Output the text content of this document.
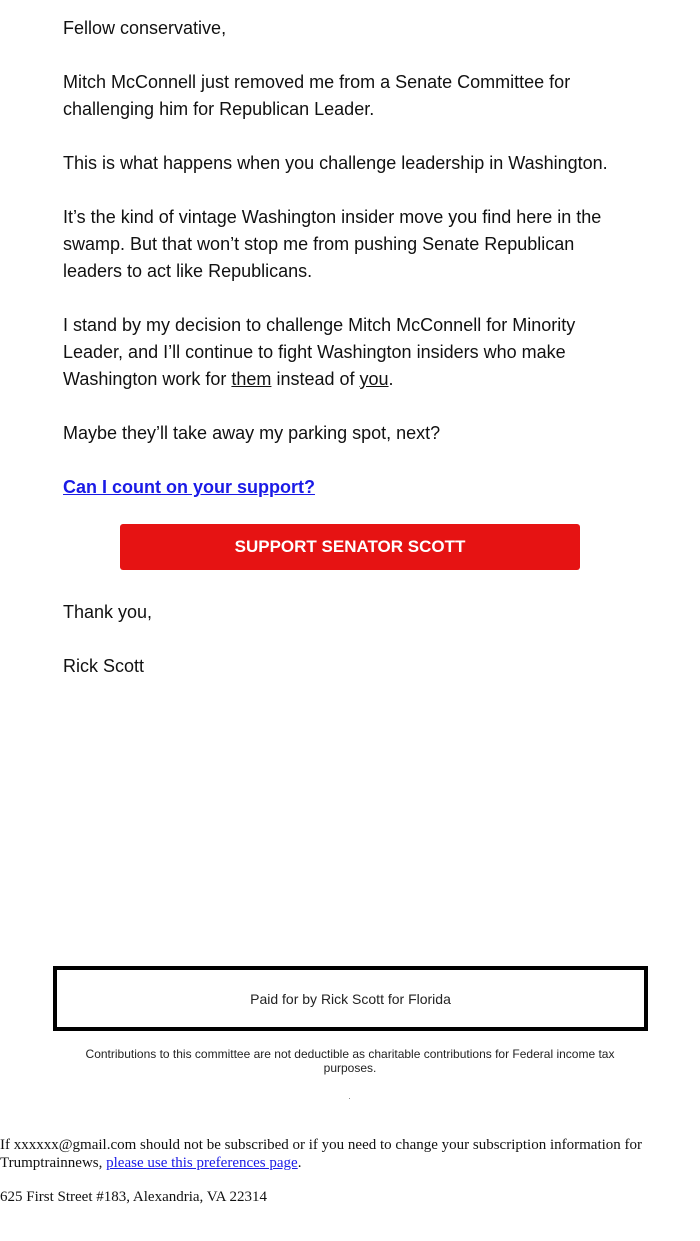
Fellow conservative,

Mitch McConnell just removed me from a Senate Committee for challenging him for Republican Leader.

This is what happens when you challenge leadership in Washington.

It’s the kind of vintage Washington insider move you find here in the swamp. But that won’t stop me from pushing Senate Republican leaders to act like Republicans.

I stand by my decision to challenge Mitch McConnell for Minority Leader, and I’ll continue to fight Washington insiders who make Washington work for them instead of you.

Maybe they’ll take away my parking spot, next?

Can I count on your support?

SUPPORT SENATOR SCOTT

Thank you,

Rick Scott

Paid for by Rick Scott for Florida
Contributions to this committee are not deductible as charitable contributions for Federal income tax purposes.

If xxxxxx@gmail.com should not be subscribed or if you need to change your subscription information for Trumptrainnews, please use this preferences page.

625 First Street #183, Alexandria, VA 22314
